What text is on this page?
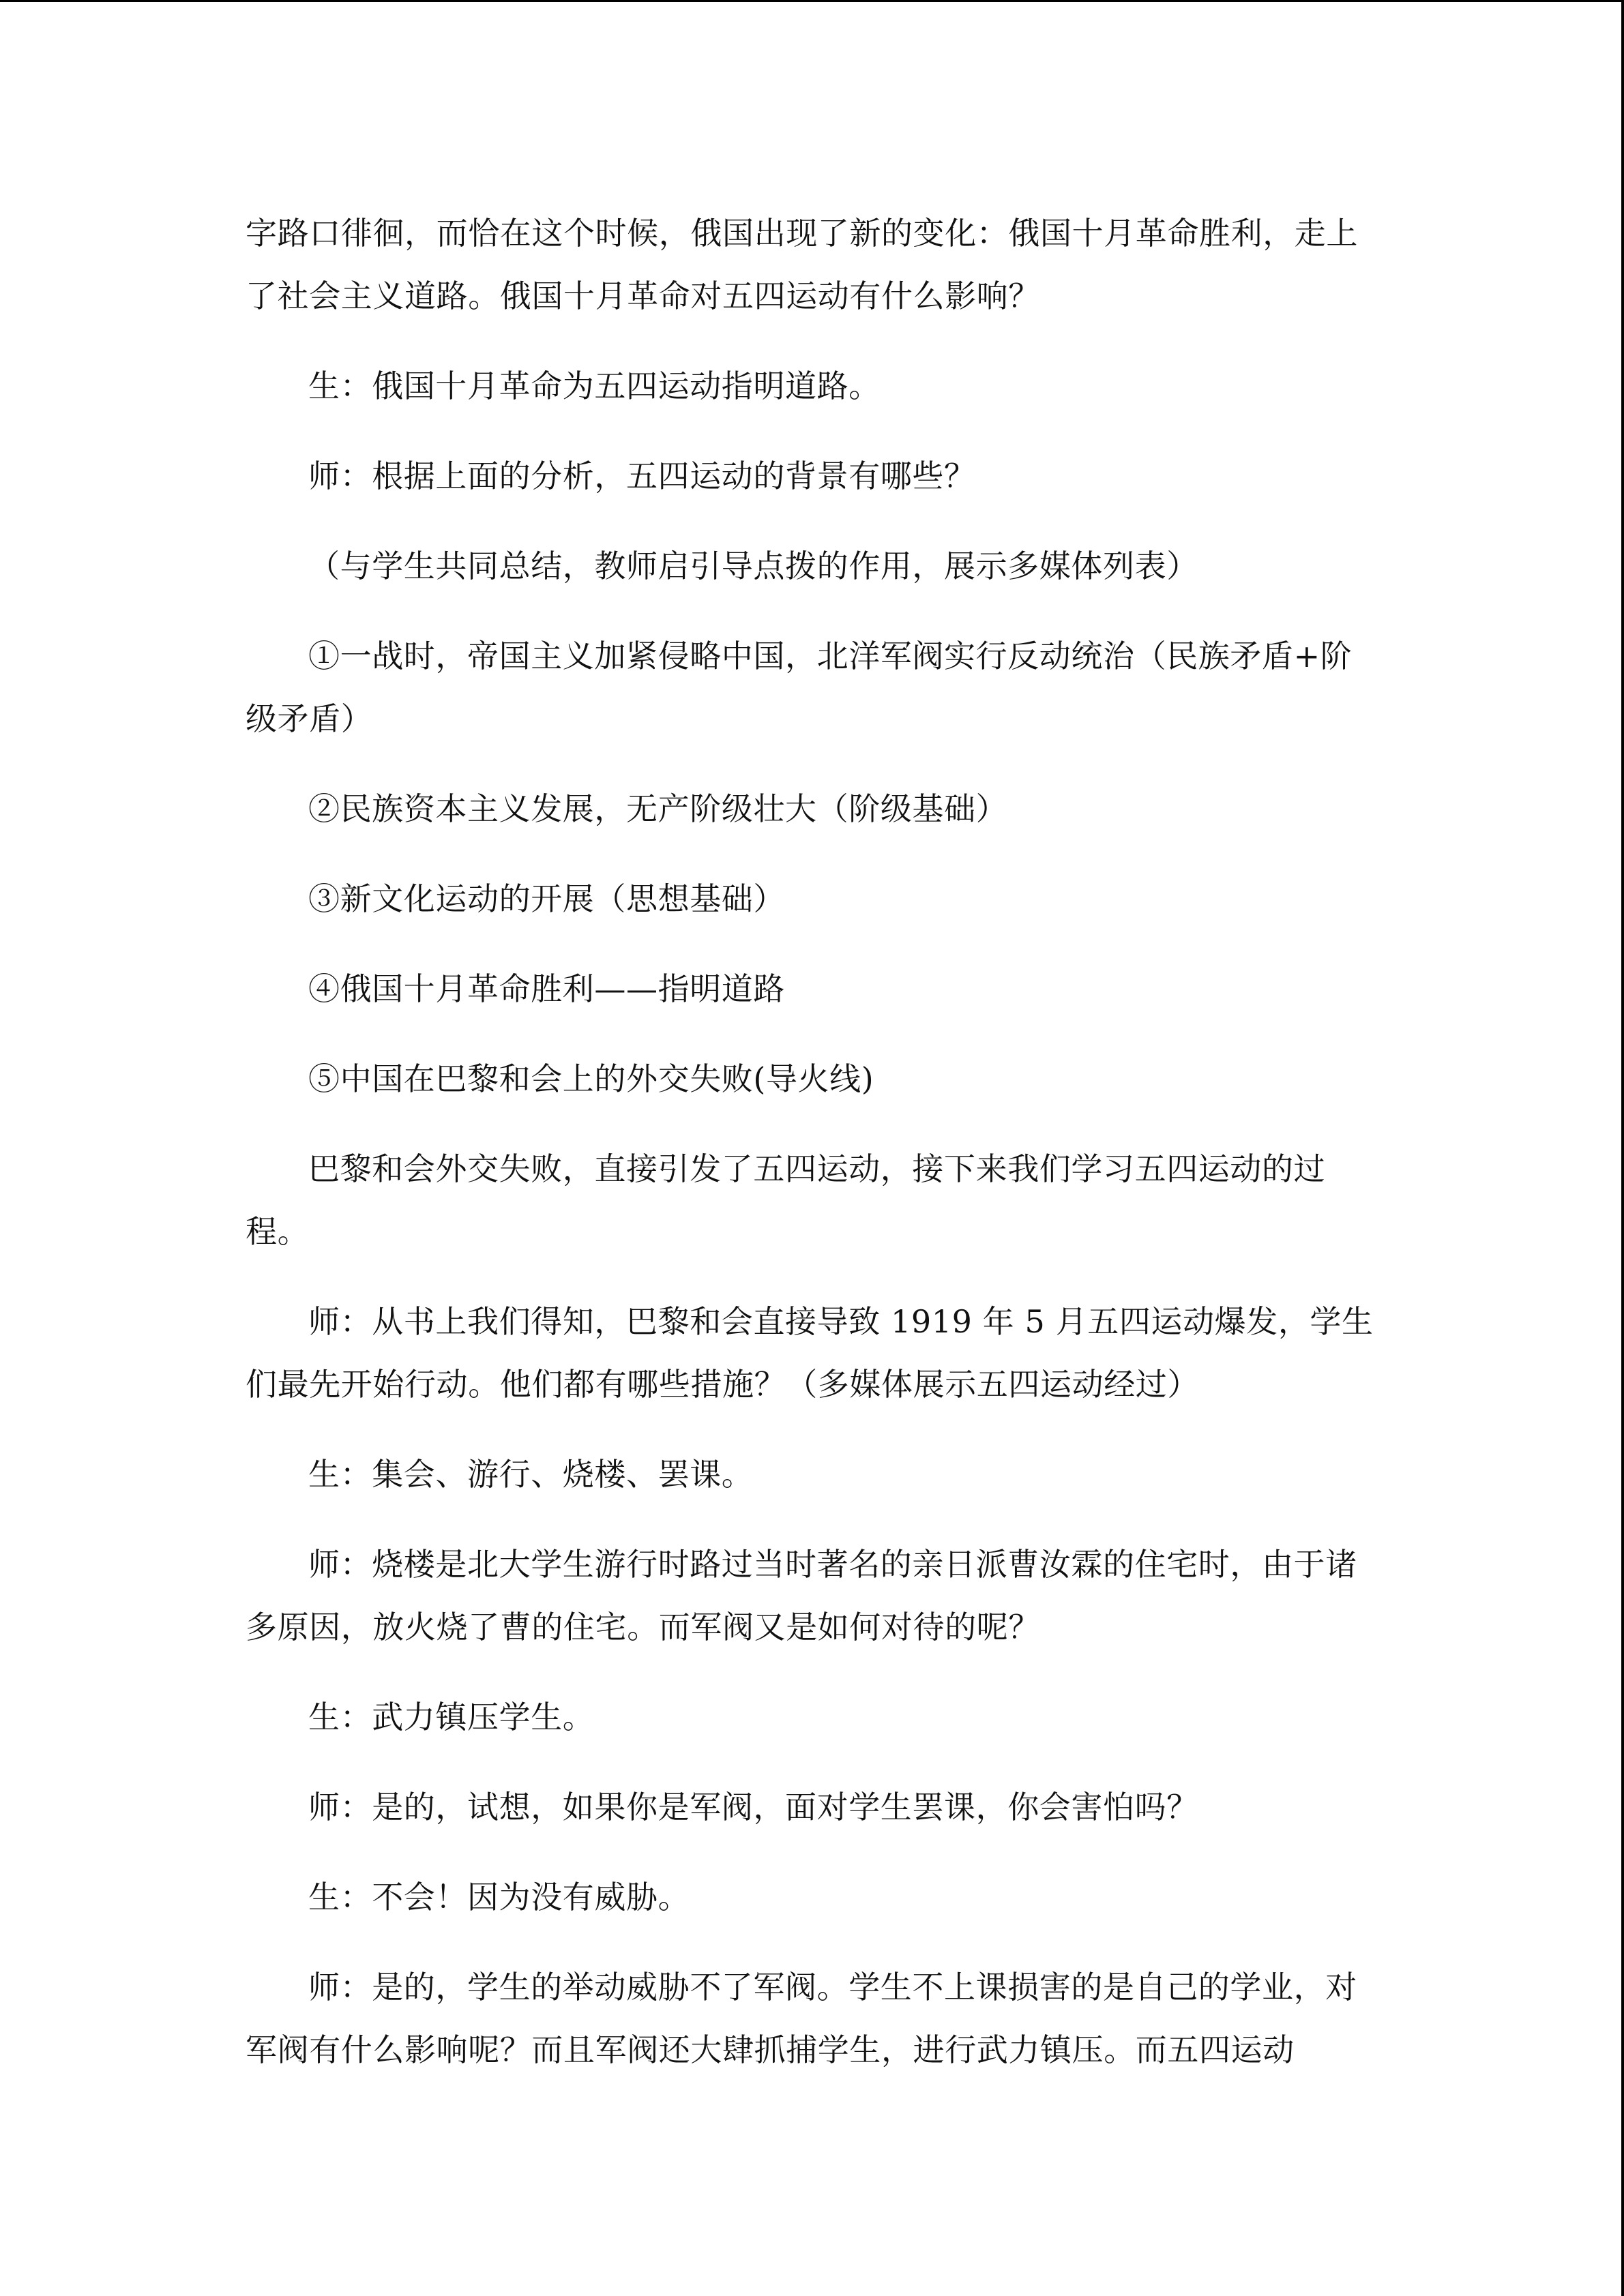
字路口徘徊，而恰在这个时候，俄国出现了新的变化：俄国十月革命胜利，走上了社会主义道路。俄国十月革命对五四运动有什么影响？

生：俄国十月革命为五四运动指明道路。

师：根据上面的分析，五四运动的背景有哪些？

（与学生共同总结，教师启引导点拨的作用，展示多媒体列表）

①一战时，帝国主义加紧侵略中国，北洋军阀实行反动统治（民族矛盾+阶级矛盾）

②民族资本主义发展，无产阶级壮大（阶级基础）

③新文化运动的开展（思想基础）

④俄国十月革命胜利——指明道路

⑤中国在巴黎和会上的外交失败(导火线)

巴黎和会外交失败，直接引发了五四运动，接下来我们学习五四运动的过程。

师：从书上我们得知，巴黎和会直接导致 1919 年 5 月五四运动爆发，学生们最先开始行动。他们都有哪些措施？（多媒体展示五四运动经过）

生：集会、游行、烧楼、罢课。

师：烧楼是北大学生游行时路过当时著名的亲日派曹汝霖的住宅时，由于诸多原因，放火烧了曹的住宅。而军阀又是如何对待的呢？

生：武力镇压学生。

师：是的，试想，如果你是军阀，面对学生罢课，你会害怕吗？

生：不会！因为没有威胁。

师：是的，学生的举动威胁不了军阀。学生不上课损害的是自己的学业，对军阀有什么影响呢？而且军阀还大肆抓捕学生，进行武力镇压。而五四运动
